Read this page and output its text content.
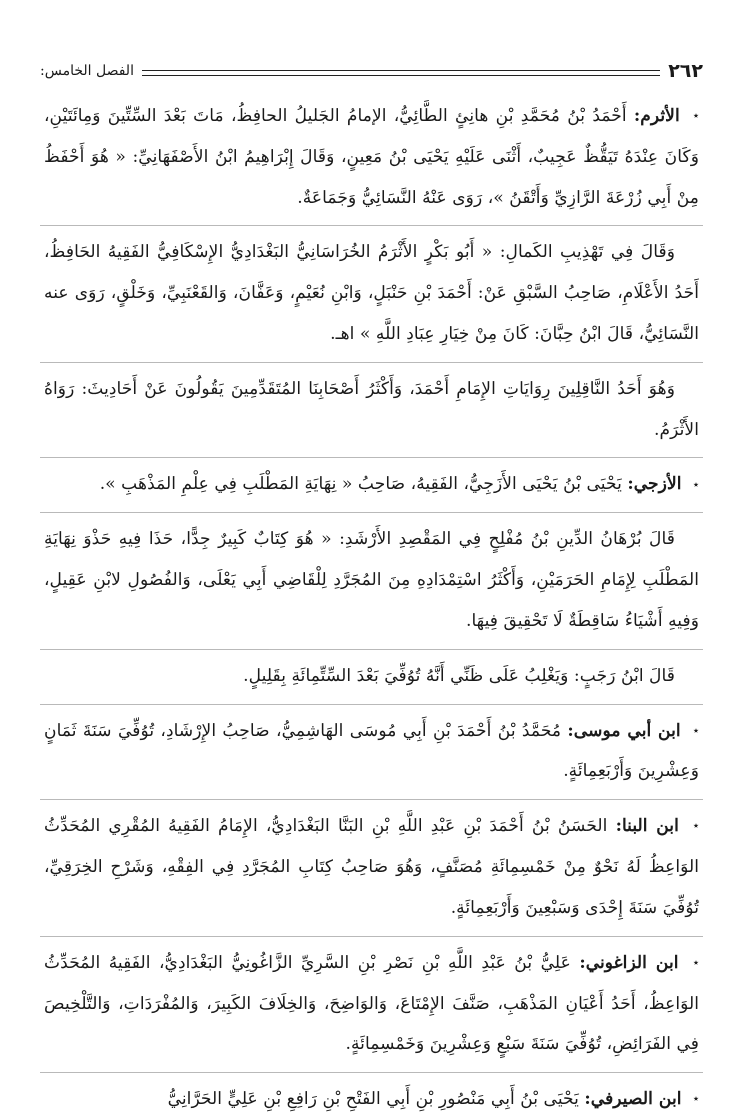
٢٦٢
الفصل الخامس:

٭ الأثرم: أَحْمَدُ بْنُ مُحَمَّدِ بْنِ هانِئٍ الطَّائِيُّ، الإمامُ الجَليلُ الحافِظُ، مَاتَ بَعْدَ السِّتِّينَ وَمِائَتَيْنِ، وَكَانَ عِنْدَهُ تَيَقُّظٌ عَجِيبٌ، أَثْنَى عَلَيْهِ يَحْيَى بْنُ مَعِينٍ، وَقَالَ إِبْرَاهِيمُ ابْنُ الأَصْفَهَانِيِّ: « هُوَ أَحْفَظُ مِنْ أَبِي زُرْعَةَ الرَّازِيِّ وَأَتْقَنُ »، رَوَى عَنْهُ النَّسَائِيُّ وَجَمَاعَةٌ.

وَقَالَ فِي تَهْذِيبِ الكَمالِ: « أَبُو بَكْرٍ الأَثْرَمُ الخُرَاسَانِيُّ البَغْدَادِيُّ الإِسْكَافِيُّ الفَقِيهُ الحَافِظُ، أَحَدُ الأَعْلَامِ، صَاحِبُ السَّبْقِ عَنْ: أَحْمَدَ بْنِ حَنْبَلٍ، وَابْنِ نُعَيْمٍ، وَعَفَّانَ، وَالقَعْنَبِيِّ، وَخَلْقٍ، رَوَى عنه النَّسَائِيُّ، قَالَ ابْنُ حِبَّانَ: كَانَ مِنْ خِيَارِ عِبَادِ اللَّهِ » اهـ.

وَهُوَ أَحَدُ النَّاقِلِينَ رِوَايَاتِ الإِمَامِ أَحْمَدَ، وَأَكْثَرُ أَصْحَابِنَا المُتَقَدِّمِينَ يَقُولُونَ عَنْ أَحَادِيثَ: رَوَاهُ الأَثْرَمُ.

٭ الأزجي: يَحْيَى بْنُ يَحْيَى الأَزَجِيُّ، الفَقِيهُ، صَاحِبُ « نِهَايَةِ المَطْلَبِ فِي عِلْمِ المَذْهَبِ ».

قَالَ بُرْهَانُ الدِّينِ بْنُ مُفْلِحٍ فِي المَقْصِدِ الأَرْشَدِ: « هُوَ كِتَابٌ كَبِيرٌ جِدًّا، حَذَا فِيهِ حَذْوَ نِهَايَةِ المَطْلَبِ لِإِمَامِ الحَرَمَيْنِ، وَأَكْثَرُ اسْتِمْدَادِهِ مِنَ المُجَرَّدِ لِلْقَاضِي أَبِي يَعْلَى، وَالفُصُولِ لابْنِ عَقِيلٍ، وَفِيهِ أَشْيَاءُ سَاقِطَةٌ لَا تَحْقِيقَ فِيهَا.

قَالَ ابْنُ رَجَبٍ: وَيَغْلِبُ عَلَى ظَنِّي أَنَّهُ تُوُفِّيَ بَعْدَ السِّتِّمِائَةِ بِقَلِيلٍ.

٭ ابن أبي موسى: مُحَمَّدُ بْنُ أَحْمَدَ بْنِ أَبِي مُوسَى الهَاشِمِيُّ، صَاحِبُ الإِرْشَادِ، تُوُفِّيَ سَنَةَ ثَمَانٍ وَعِشْرِينَ وَأَرْبَعِمِائَةٍ.

٭ ابن البنا: الحَسَنُ بْنُ أَحْمَدَ بْنِ عَبْدِ اللَّهِ بْنِ البَنَّا البَغْدَادِيُّ، الإِمَامُ الفَقِيهُ المُقْرِي المُحَدِّثُ الوَاعِظُ لَهُ نَحْوٌ مِنْ خَمْسِمِائَةِ مُصَنَّفٍ، وَهُوَ صَاحِبُ كِتَابِ المُجَرَّدِ فِي الفِقْهِ، وَشَرْحِ الخِرَقِيِّ، تُوُفِّيَ سَنَةَ إِحْدَى وَسَبْعِينَ وَأَرْبَعِمِائَةٍ.

٭ ابن الزاغوني: عَلِيُّ بْنُ عَبْدِ اللَّهِ بْنِ نَصْرِ بْنِ السَّرِيِّ الزَّاغُونِيُّ البَغْدَادِيُّ، الفَقِيهُ المُحَدِّثُ الوَاعِظُ، أَحَدُ أَعْيَانِ المَذْهَبِ، صَنَّفَ الإِمْتَاعَ، وَالوَاضِحَ، وَالخِلَافَ الكَبِيرَ، وَالمُفْرَدَاتِ، وَالتَّلْخِيصَ فِي الفَرَائِضِ، تُوُفِّيَ سَنَةَ سَبْعٍ وَعِشْرِينَ وَخَمْسِمِائَةٍ.

٭ ابن الصيرفي: يَحْيَى بْنُ أَبِي مَنْصُورِ بْنِ أَبِي الفَتْحِ بْنِ رَافِعِ بْنِ عَلِيٍّ الحَرَّانِيُّ
